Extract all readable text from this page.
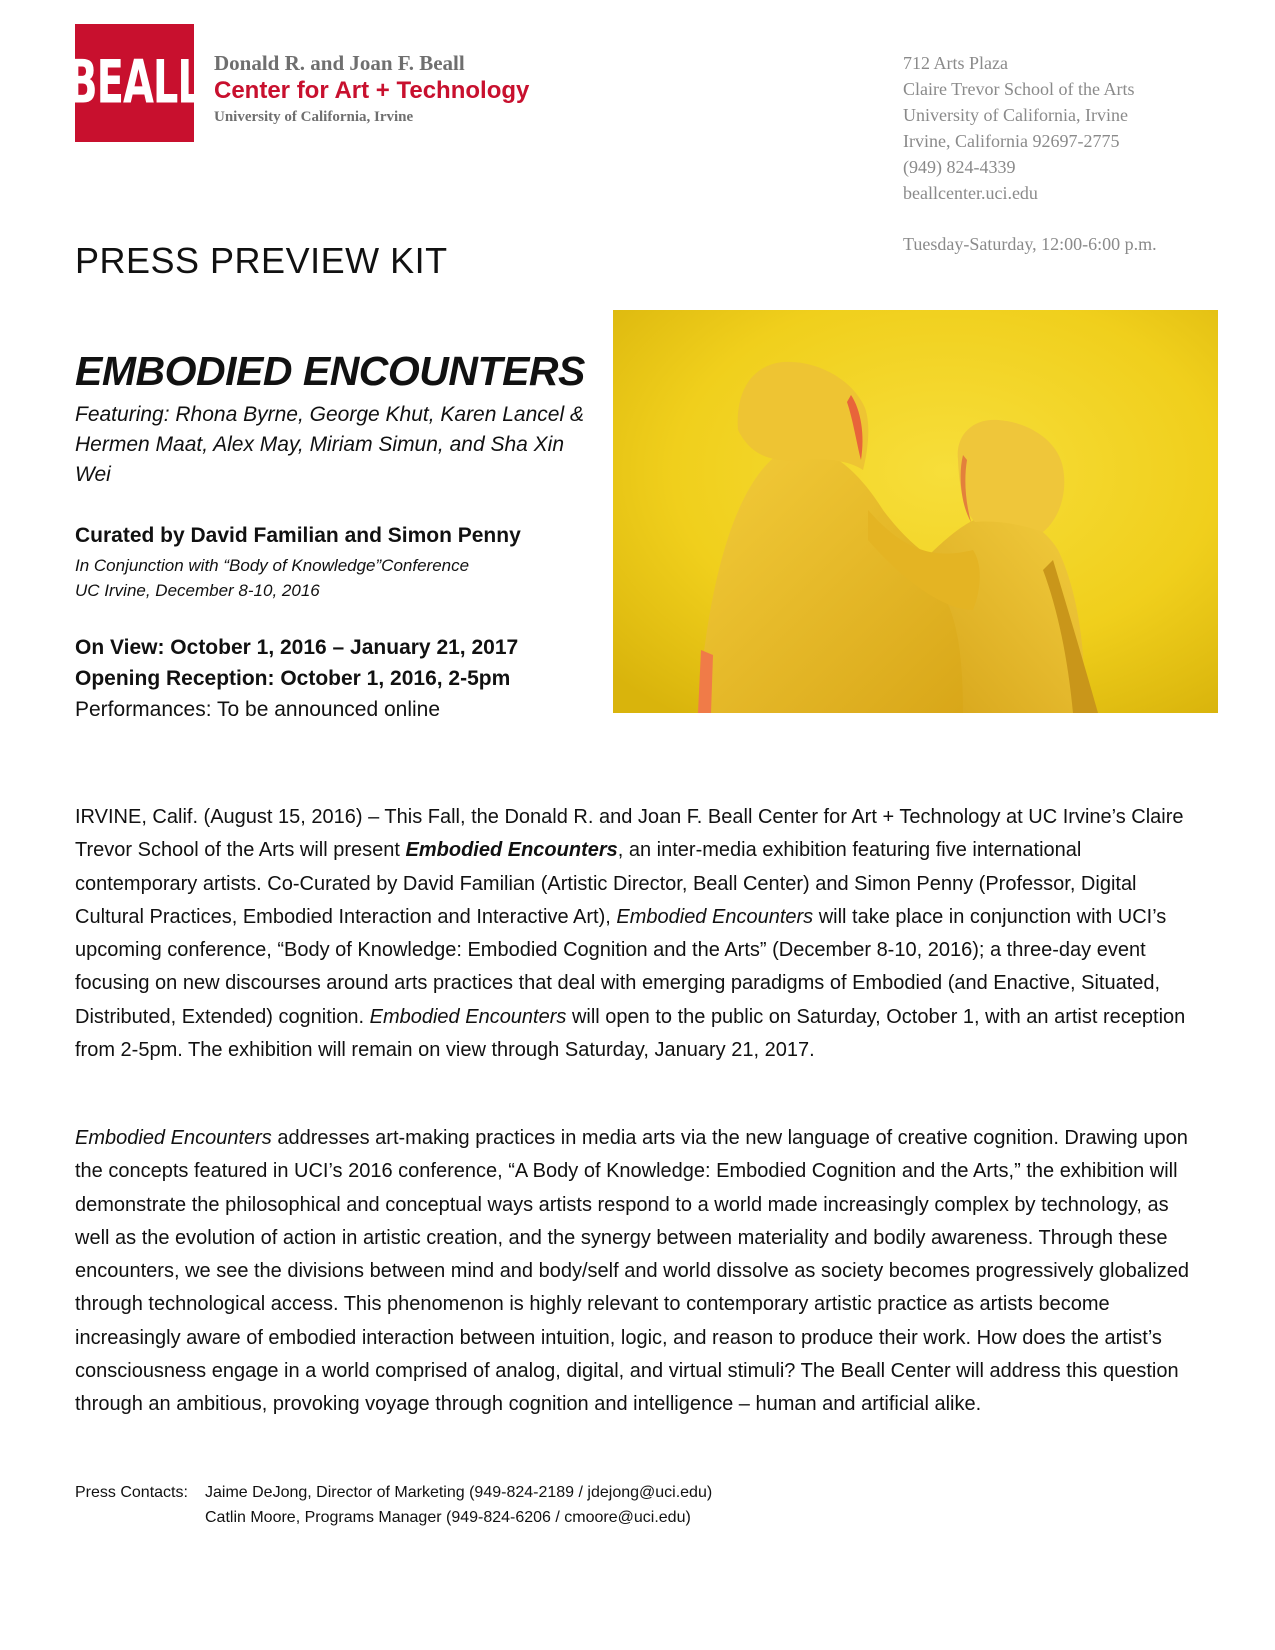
BEALL Donald R. and Joan F. Beall
Center for Art + Technology
University of California, Irvine
712 Arts Plaza
Claire Trevor School of the Arts
University of California, Irvine
Irvine, California 92697-2775
(949) 824-4339
beallcenter.uci.edu
Tuesday-Saturday, 12:00-6:00 p.m.
PRESS PREVIEW KIT
EMBODIED ENCOUNTERS
Featuring: Rhona Byrne, George Khut, Karen Lancel & Hermen Maat, Alex May, Miriam Simun, and Sha Xin Wei
Curated by David Familian and Simon Penny
In Conjunction with “Body of Knowledge”Conference
UC Irvine, December 8-10, 2016
On View: October 1, 2016 – January 21, 2017
Opening Reception: October 1, 2016, 2-5pm
Performances: To be announced online

IRVINE, Calif. (August 15, 2016) – This Fall, the Donald R. and Joan F. Beall Center for Art + Technology at UC Irvine’s Claire Trevor School of the Arts will present Embodied Encounters, an inter-media exhibition featuring five international contemporary artists. Co-Curated by David Familian (Artistic Director, Beall Center) and Simon Penny (Professor, Digital Cultural Practices, Embodied Interaction and Interactive Art), Embodied Encounters will take place in conjunction with UCI’s upcoming conference, “Body of Knowledge: Embodied Cognition and the Arts” (December 8-10, 2016); a three-day event focusing on new discourses around arts practices that deal with emerging paradigms of Embodied (and Enactive, Situated, Distributed, Extended) cognition. Embodied Encounters will open to the public on Saturday, October 1, with an artist reception from 2-5pm. The exhibition will remain on view through Saturday, January 21, 2017.

Embodied Encounters addresses art-making practices in media arts via the new language of creative cognition. Drawing upon the concepts featured in UCI’s 2016 conference, “A Body of Knowledge: Embodied Cognition and the Arts,” the exhibition will demonstrate the philosophical and conceptual ways artists respond to a world made increasingly complex by technology, as well as the evolution of action in artistic creation, and the synergy between materiality and bodily awareness. Through these encounters, we see the divisions between mind and body/self and world dissolve as society becomes progressively globalized through technological access. This phenomenon is highly relevant to contemporary artistic practice as artists become increasingly aware of embodied interaction between intuition, logic, and reason to produce their work. How does the artist’s consciousness engage in a world comprised of analog, digital, and virtual stimuli? The Beall Center will address this question through an ambitious, provoking voyage through cognition and intelligence – human and artificial alike.

Press Contacts: Jaime DeJong, Director of Marketing (949-824-2189 / jdejong@uci.edu)
Catlin Moore, Programs Manager (949-824-6206 / cmoore@uci.edu)
